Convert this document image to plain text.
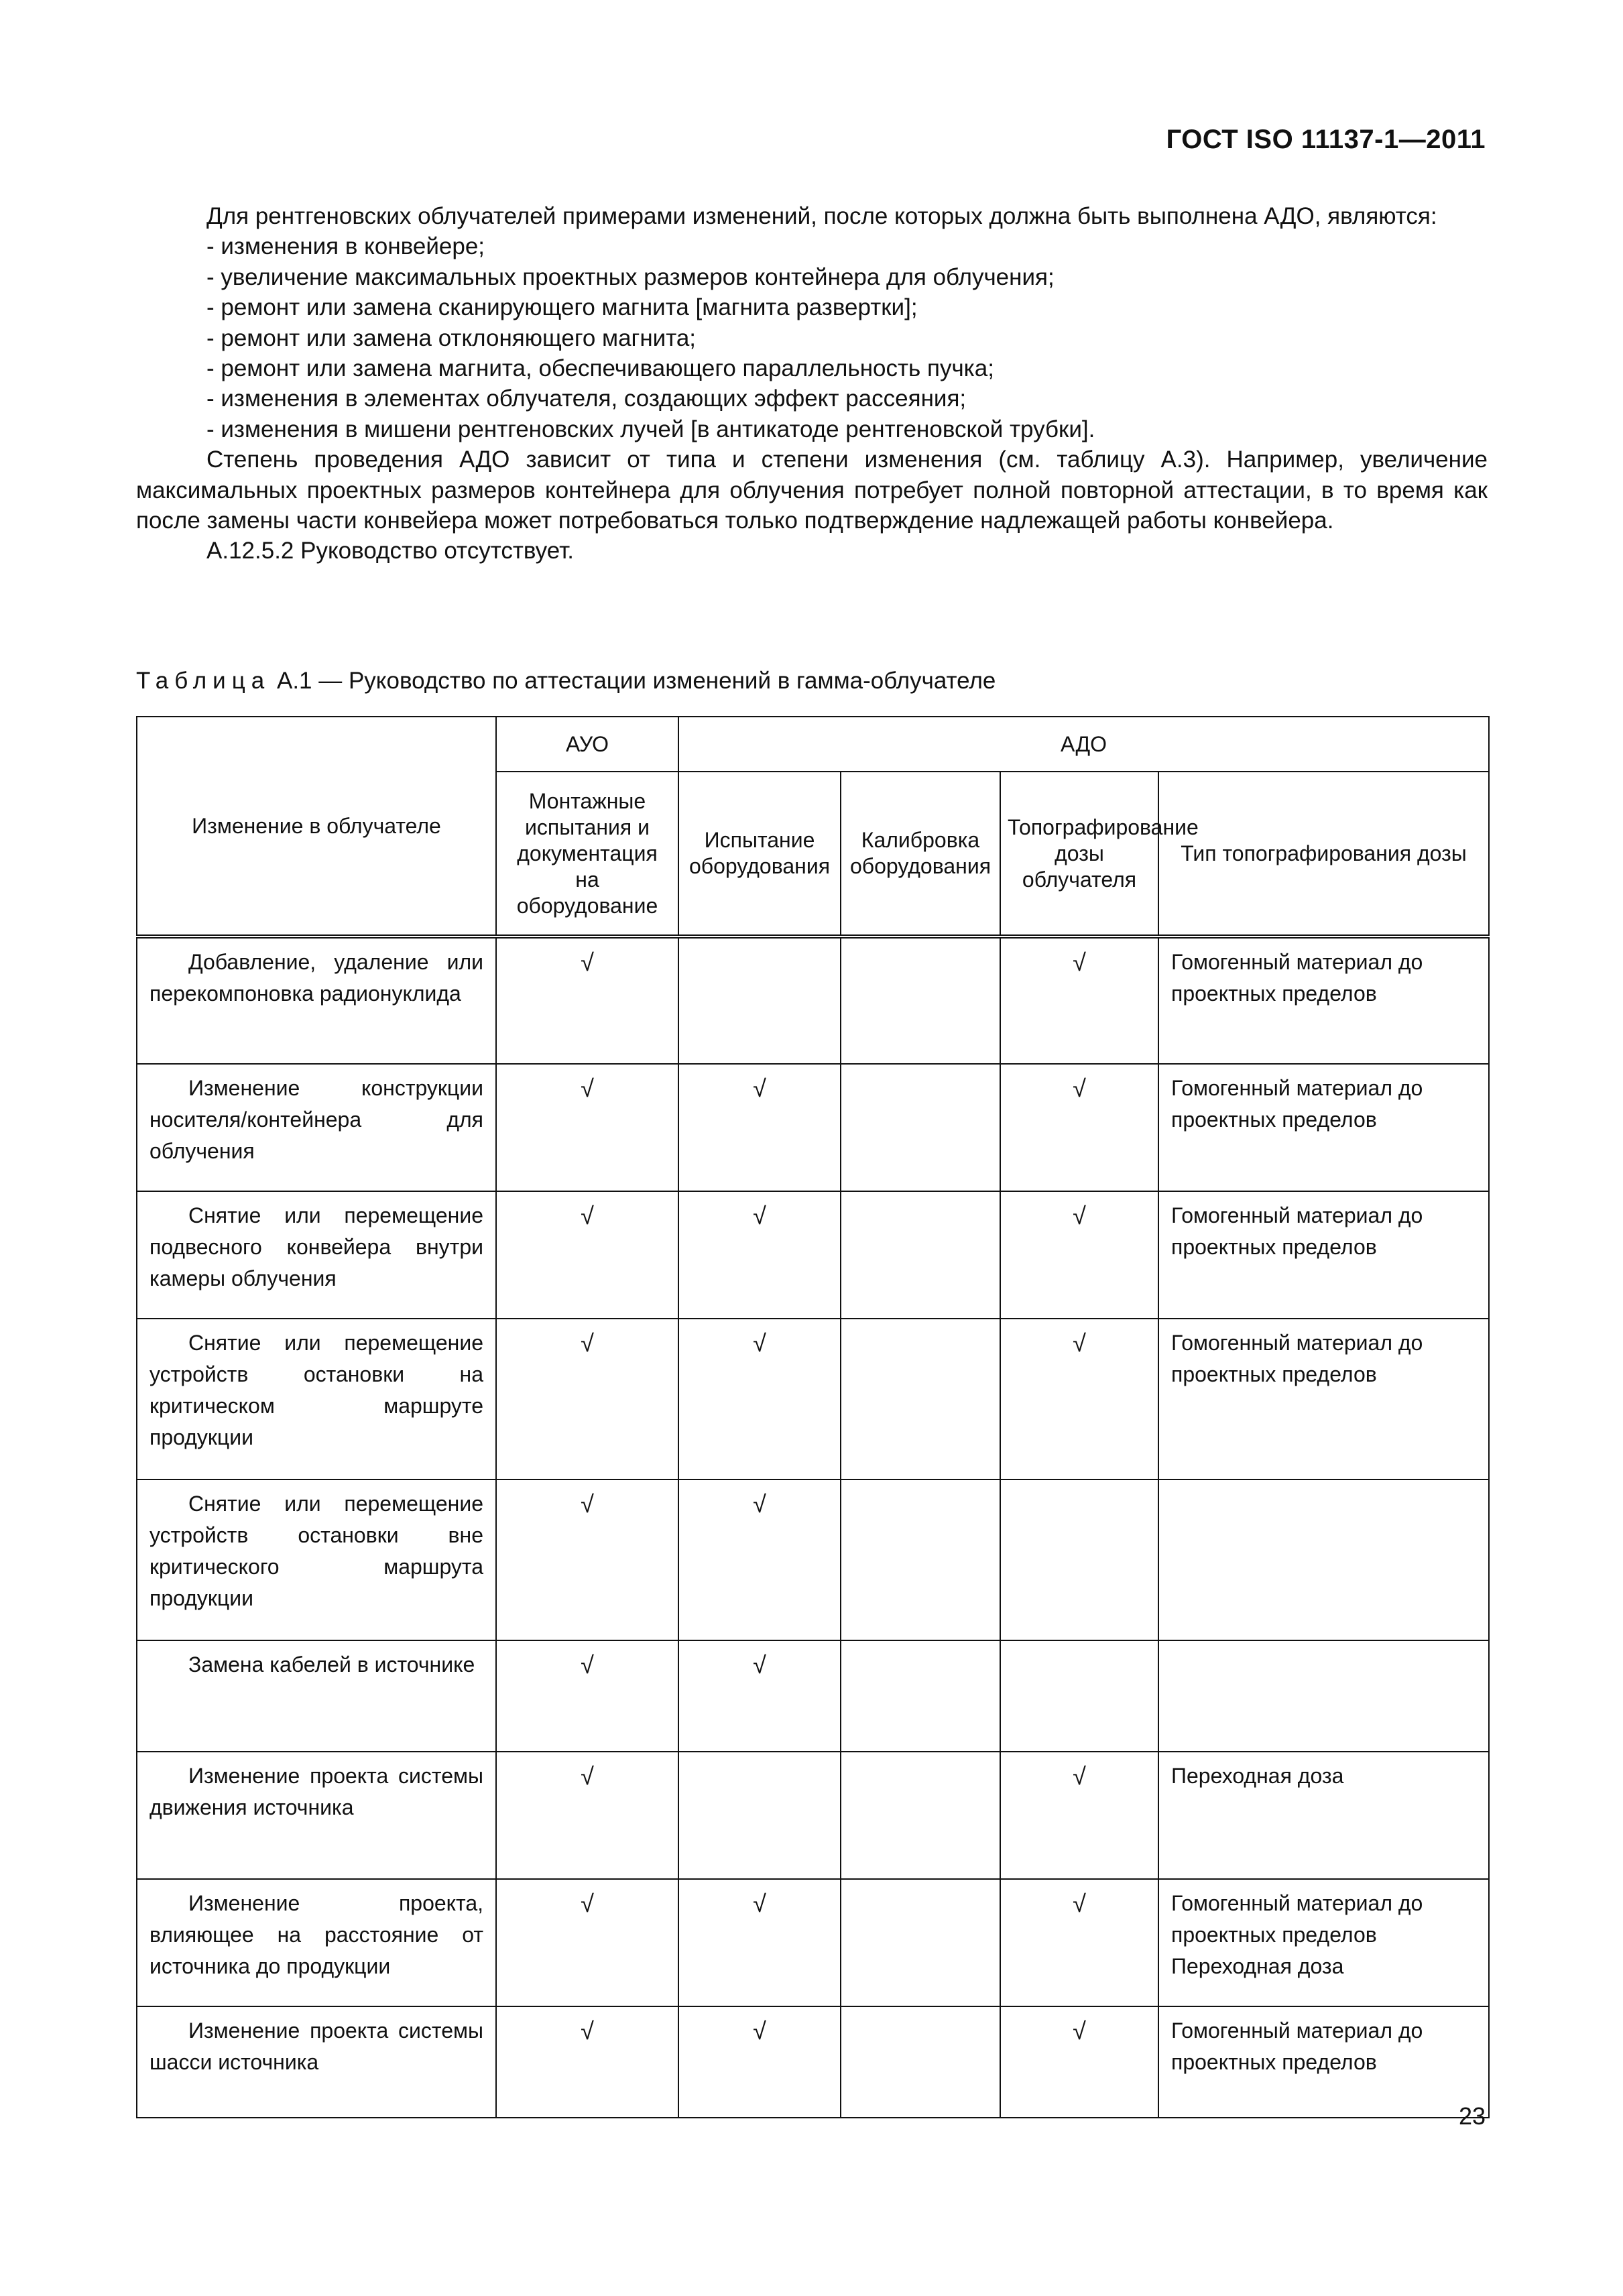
ГОСТ ISO 11137-1—2011

Для рентгеновских облучателей примерами изменений, после которых должна быть выполнена АДО, являются:

- изменения в конвейере;

- увеличение максимальных проектных размеров контейнера для облучения;

- ремонт или замена сканирующего магнита [магнита развертки];

- ремонт или замена отклоняющего магнита;

- ремонт или замена магнита, обеспечивающего параллельность пучка;

- изменения в элементах облучателя, создающих эффект рассеяния;

- изменения в мишени рентгеновских лучей [в антикатоде рентгеновской трубки].

Степень проведения АДО зависит от типа и степени изменения (см. таблицу А.3). Например, увеличение максимальных проектных размеров контейнера для облучения потребует полной повторной аттестации, в то время как после замены части конвейера может потребоваться только подтверждение надлежащей работы конвейера.

А.12.5.2 Руководство отсутствует.

Таблица А.1 — Руководство по аттестации изменений в гамма-облучателе
Изменение в облучателе	АУО	АДО			
	Монтажные испытания и документация на оборудование	Испытание оборудования	Калибровка оборудования	Топографирование дозы облучателя	Тип топографирования дозы
Добавление, удаление или перекомпоновка радионуклида	√			√	Гомогенный материал до проектных пределов
Изменение конструкции носителя/контейнера для облучения	√	√		√	Гомогенный материал до проектных пределов
Снятие или перемещение подвесного конвейера внутри камеры облучения	√	√		√	Гомогенный материал до проектных пределов
Снятие или перемещение устройств остановки на критическом маршруте продукции	√	√		√	Гомогенный материал до проектных пределов
Снятие или перемещение устройств остановки вне критического маршрута продукции	√	√			
Замена кабелей в источнике	√	√			
Изменение проекта системы движения источника	√			√	Переходная доза
Изменение проекта, влияющее на расстояние от источника до продукции	√	√		√	Гомогенный материал до проектных пределов Переходная доза
Изменение проекта системы шасси источника	√	√		√	Гомогенный материал до проектных пределов
23
